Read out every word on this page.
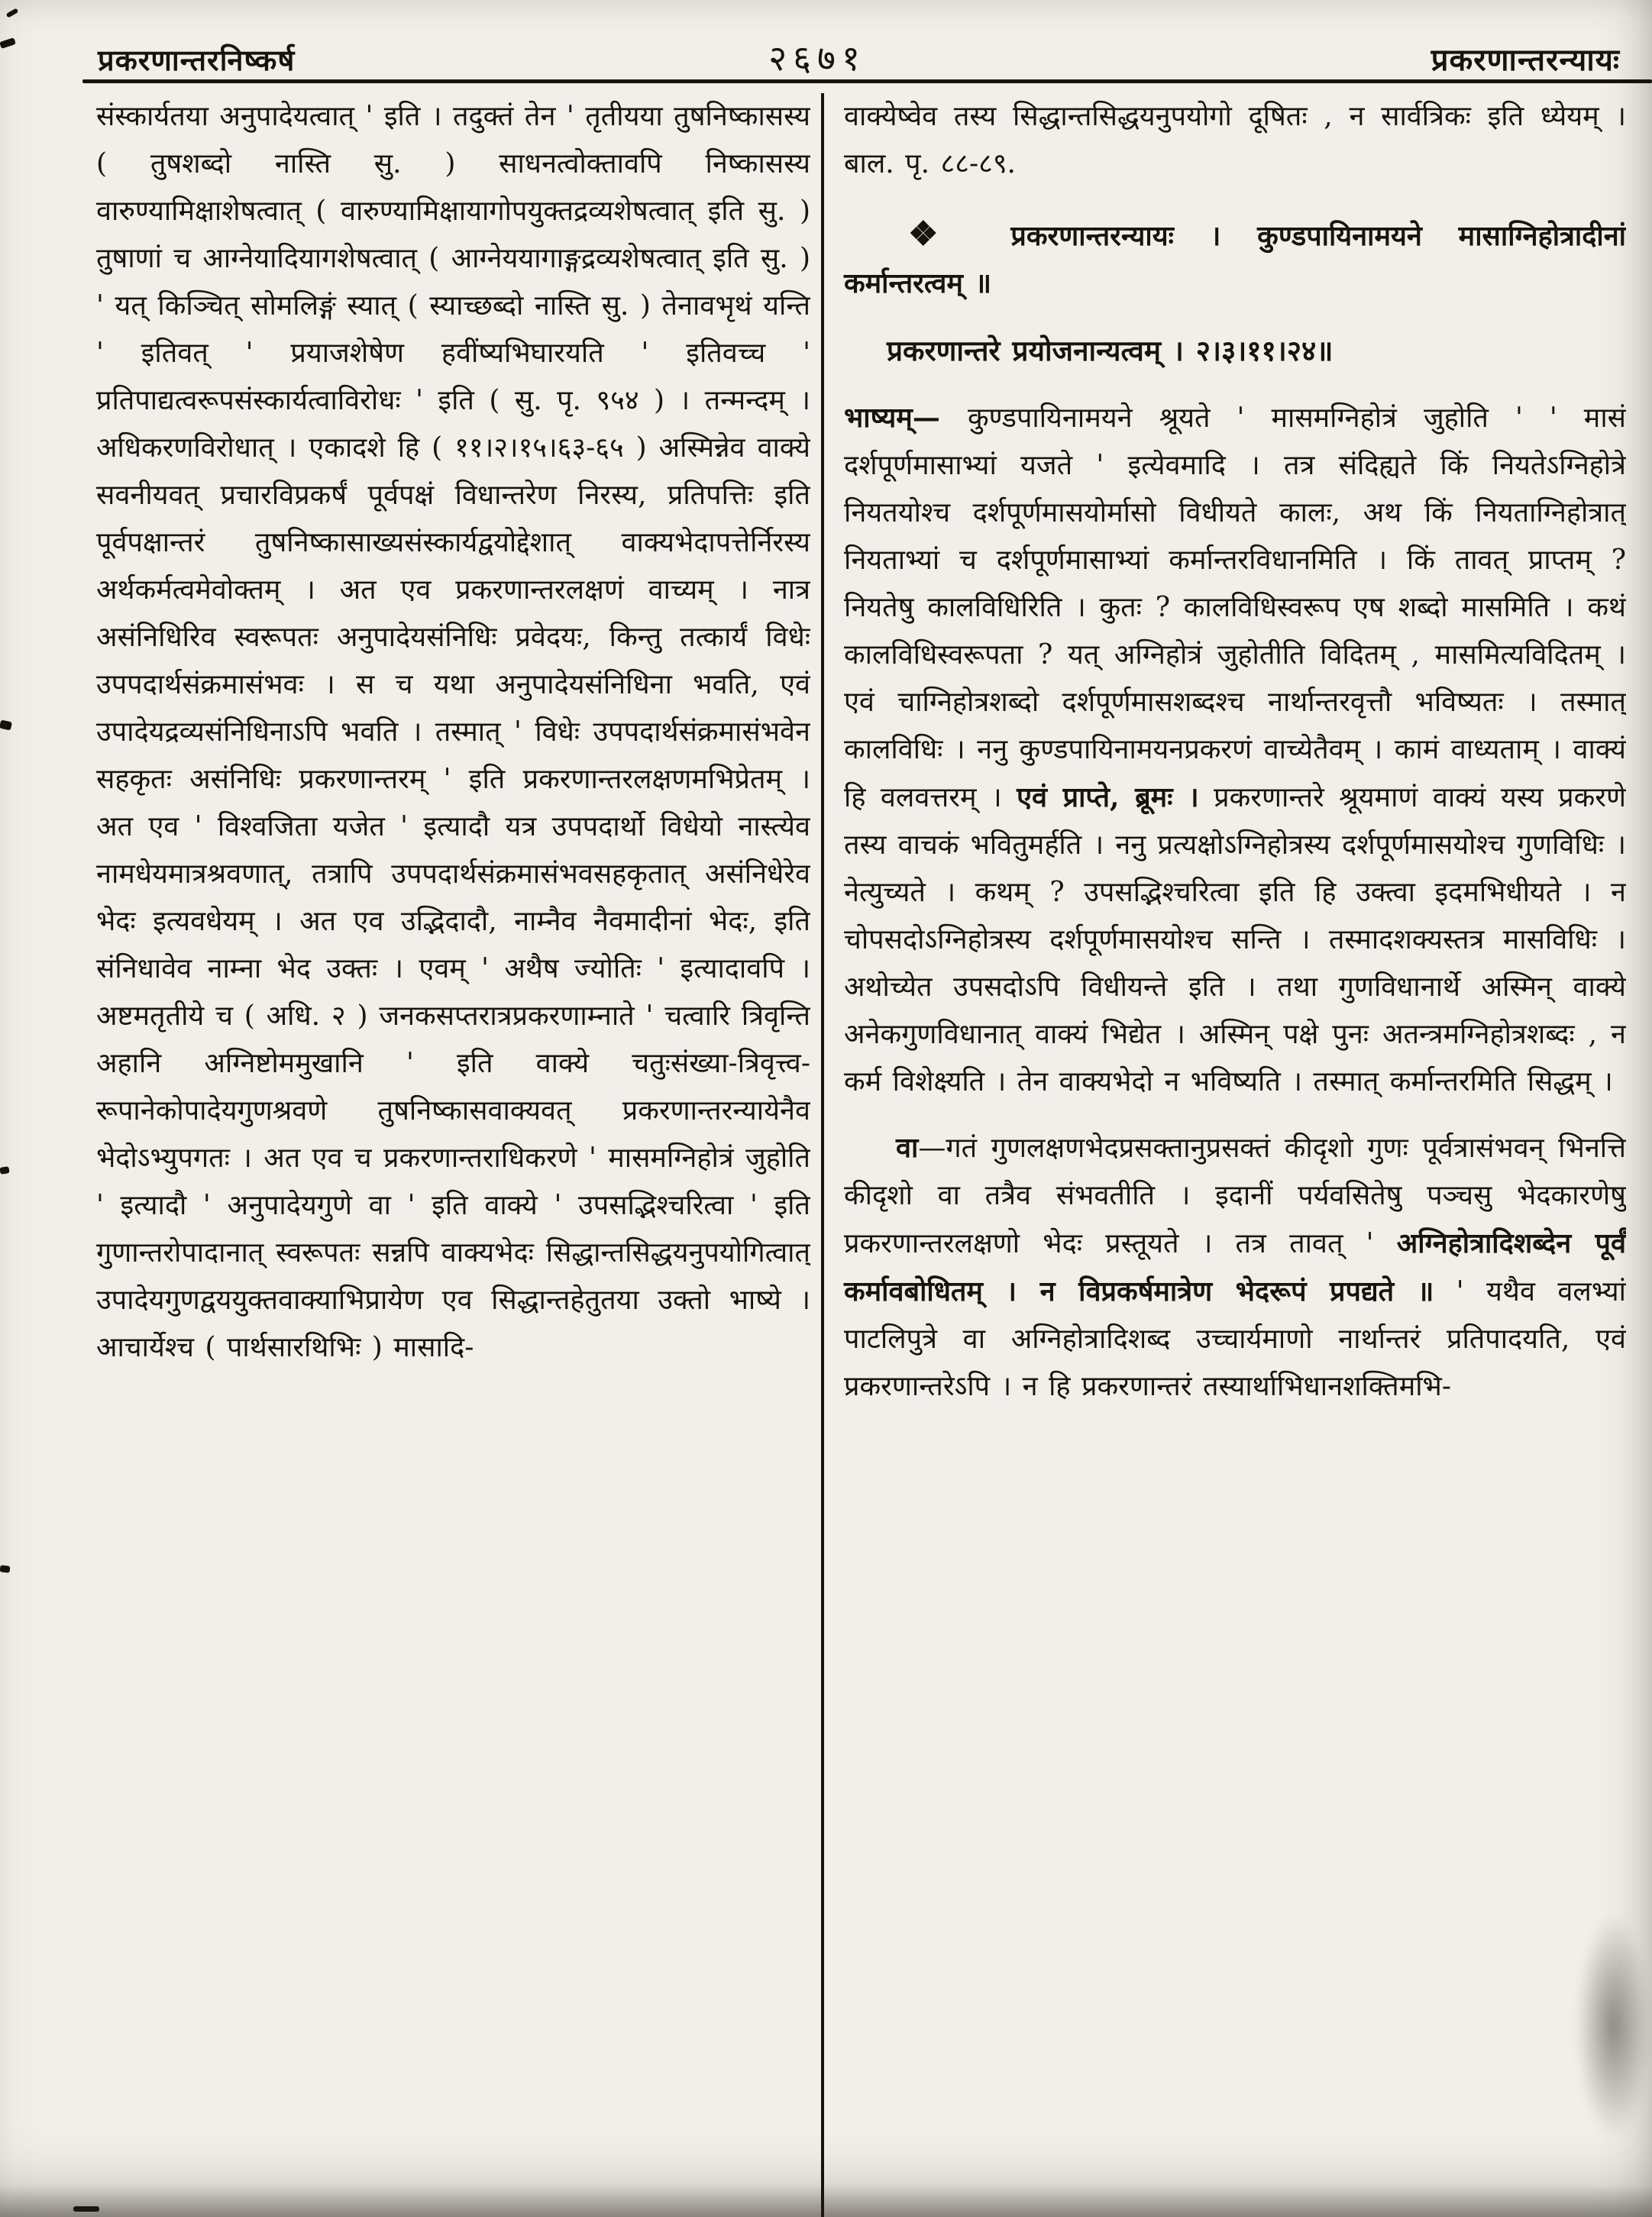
प्रकरणान्तरनिष्कर्ष	२६७१	प्रकरणान्तरन्यायः

संस्कार्यतया अनुपादेयत्वात् ' इति । तदुक्तं तेन ' तृतीयया तुषनिष्कासस्य ( तुषशब्दो नास्ति सु. ) साधनत्वोक्तावपि निष्कासस्य वारुण्यामिक्षाशेषत्वात् ( वारुण्यामिक्षायागोपयुक्तद्रव्यशेषत्वात् इति सु. ) तुषाणां च आग्नेयादियागशेषत्वात् ( आग्नेययागाङ्गद्रव्यशेषत्वात् इति सु. ) ' यत् किञ्चित् सोमलिङ्गं स्यात् ( स्याच्छब्दो नास्ति सु. ) तेनावभृथं यन्ति ' इतिवत् ' प्रयाजशेषेण हवींष्यभिघारयति ' इतिवच्च ' प्रतिपाद्यत्वरूपसंस्कार्यत्वाविरोधः ' इति ( सु. पृ. ९५४ ) । तन्मन्दम् । अधिकरणविरोधात् । एकादशे हि ( ११।२।१५।६३-६५ ) अस्मिन्नेव वाक्ये सवनीयवत् प्रचारविप्रकर्षं पूर्वपक्षं विधान्तरेण निरस्य, प्रतिपत्तिः इति पूर्वपक्षान्तरं तुषनिष्कासाख्यसंस्कार्यद्वयोद्देशात् वाक्यभेदापत्तेर्निरस्य अर्थकर्मत्वमेवोक्तम् । अत एव प्रकरणान्तरलक्षणं वाच्यम् । नात्र असंनिधिरिव स्वरूपतः अनुपादेयसंनिधिः प्रवेदयः, किन्तु तत्कार्यं विधेः उपपदार्थसंक्रमासंभवः । स च यथा अनुपादेयसंनिधिना भवति, एवं उपादेयद्रव्यसंनिधिनाऽपि भवति । तस्मात् ' विधेः उपपदार्थसंक्रमासंभवेन सहकृतः असंनिधिः प्रकरणान्तरम् ' इति प्रकरणान्तरलक्षणमभिप्रेतम् । अत एव ' विश्वजिता यजेत ' इत्यादौ यत्र उपपदार्थो विधेयो नास्त्येव नामधेयमात्रश्रवणात्, तत्रापि उपपदार्थसंक्रमासंभवसहकृतात् असंनिधेरेव भेदः इत्यवधेयम् । अत एव उद्भिदादौ, नाम्नैव नैवमादीनां भेदः, इति संनिधावेव नाम्ना भेद उक्तः । एवम् ' अथैष ज्योतिः ' इत्यादावपि । अष्टमतृतीये च ( अधि. २ ) जनकसप्तरात्रप्रकरणाम्नाते ' चत्वारि त्रिवृन्ति अहानि अग्निष्टोममुखानि ' इति वाक्ये चतुःसंख्या-त्रिवृत्त्व-रूपानेकोपादेयगुणश्रवणे तुषनिष्कासवाक्यवत् प्रकरणान्तरन्यायेनैव भेदोऽभ्युपगतः । अत एव च प्रकरणान्तराधिकरणे ' मासमग्निहोत्रं जुहोति ' इत्यादौ ' अनुपादेयगुणे वा ' इति वाक्ये ' उपसद्भिश्चरित्वा ' इति गुणान्तरोपादानात् स्वरूपतः सन्नपि वाक्यभेदः सिद्धान्तसिद्धयनुपयोगित्वात् उपादेयगुणद्वययुक्तवाक्याभिप्रायेण एव सिद्धान्तहेतुतया उक्तो भाष्ये । आचार्येश्च ( पार्थसारथिभिः ) मासादि-

वाक्येष्वेव तस्य सिद्धान्तसिद्धयनुपयोगो दूषितः , न सार्वत्रिकः इति ध्येयम् । बाल. पृ. ८८-८९.

❖ प्रकरणान्तरन्यायः । कुण्डपायिनामयने मासाग्निहोत्रादीनां कर्मान्तरत्वम् ॥

प्रकरणान्तरे प्रयोजनान्यत्वम् । २।३।११।२४॥

भाष्यम्— कुण्डपायिनामयने श्रूयते ' मासमग्निहोत्रं जुहोति ' ' मासं दर्शपूर्णमासाभ्यां यजते ' इत्येवमादि । तत्र संदिह्यते किं नियतेऽग्निहोत्रे नियतयोश्च दर्शपूर्णमासयोर्मासो विधीयते कालः, अथ किं नियताग्निहोत्रात् नियताभ्यां च दर्शपूर्णमासाभ्यां कर्मान्तरविधानमिति । किं तावत् प्राप्तम् ? नियतेषु कालविधिरिति । कुतः ? कालविधिस्वरूप एष शब्दो मासमिति । कथं कालविधिस्वरूपता ? यत् अग्निहोत्रं जुहोतीति विदितम् , मासमित्यविदितम् । एवं चाग्निहोत्रशब्दो दर्शपूर्णमासशब्दश्च नार्थान्तरवृत्तौ भविष्यतः । तस्मात् कालविधिः । ननु कुण्डपायिनामयनप्रकरणं वाच्येतैवम् । कामं वाध्यताम् । वाक्यं हि वलवत्तरम् । एवं प्राप्ते, ब्रूमः । प्रकरणान्तरे श्रूयमाणं वाक्यं यस्य प्रकरणे तस्य वाचकं भवितुमर्हति । ननु प्रत्यक्षोऽग्निहोत्रस्य दर्शपूर्णमासयोश्च गुणविधिः । नेत्युच्यते । कथम् ? उपसद्भिश्चरित्वा इति हि उक्त्वा इदमभिधीयते । न चोपसदोऽग्निहोत्रस्य दर्शपूर्णमासयोश्च सन्ति । तस्मादशक्यस्तत्र मासविधिः । अथोच्येत उपसदोऽपि विधीयन्ते इति । तथा गुणविधानार्थे अस्मिन् वाक्ये अनेकगुणविधानात् वाक्यं भिद्येत । अस्मिन् पक्षे पुनः अतन्त्रमग्निहोत्रशब्दः , न कर्म विशेक्ष्यति । तेन वाक्यभेदो न भविष्यति । तस्मात् कर्मान्तरमिति सिद्धम् ।

वा—गतं गुणलक्षणभेदप्रसक्तानुप्रसक्तं कीदृशो गुणः पूर्वत्रासंभवन् भिनत्ति कीदृशो वा तत्रैव संभवतीति । इदानीं पर्यवसितेषु पञ्चसु भेदकारणेषु प्रकरणान्तरलक्षणो भेदः प्रस्तूयते । तत्र तावत् ' अग्निहोत्रादिशब्देन पूर्वं कर्मावबोधितम् । न विप्रकर्षमात्रेण भेदरूपं प्रपद्यते ॥ ' यथैव वलभ्यां पाटलिपुत्रे वा अग्निहोत्रादिशब्द उच्चार्यमाणो नार्थान्तरं प्रतिपादयति, एवं प्रकरणान्तरेऽपि । न हि प्रकरणान्तरं तस्यार्थाभिधानशक्तिमभि-
